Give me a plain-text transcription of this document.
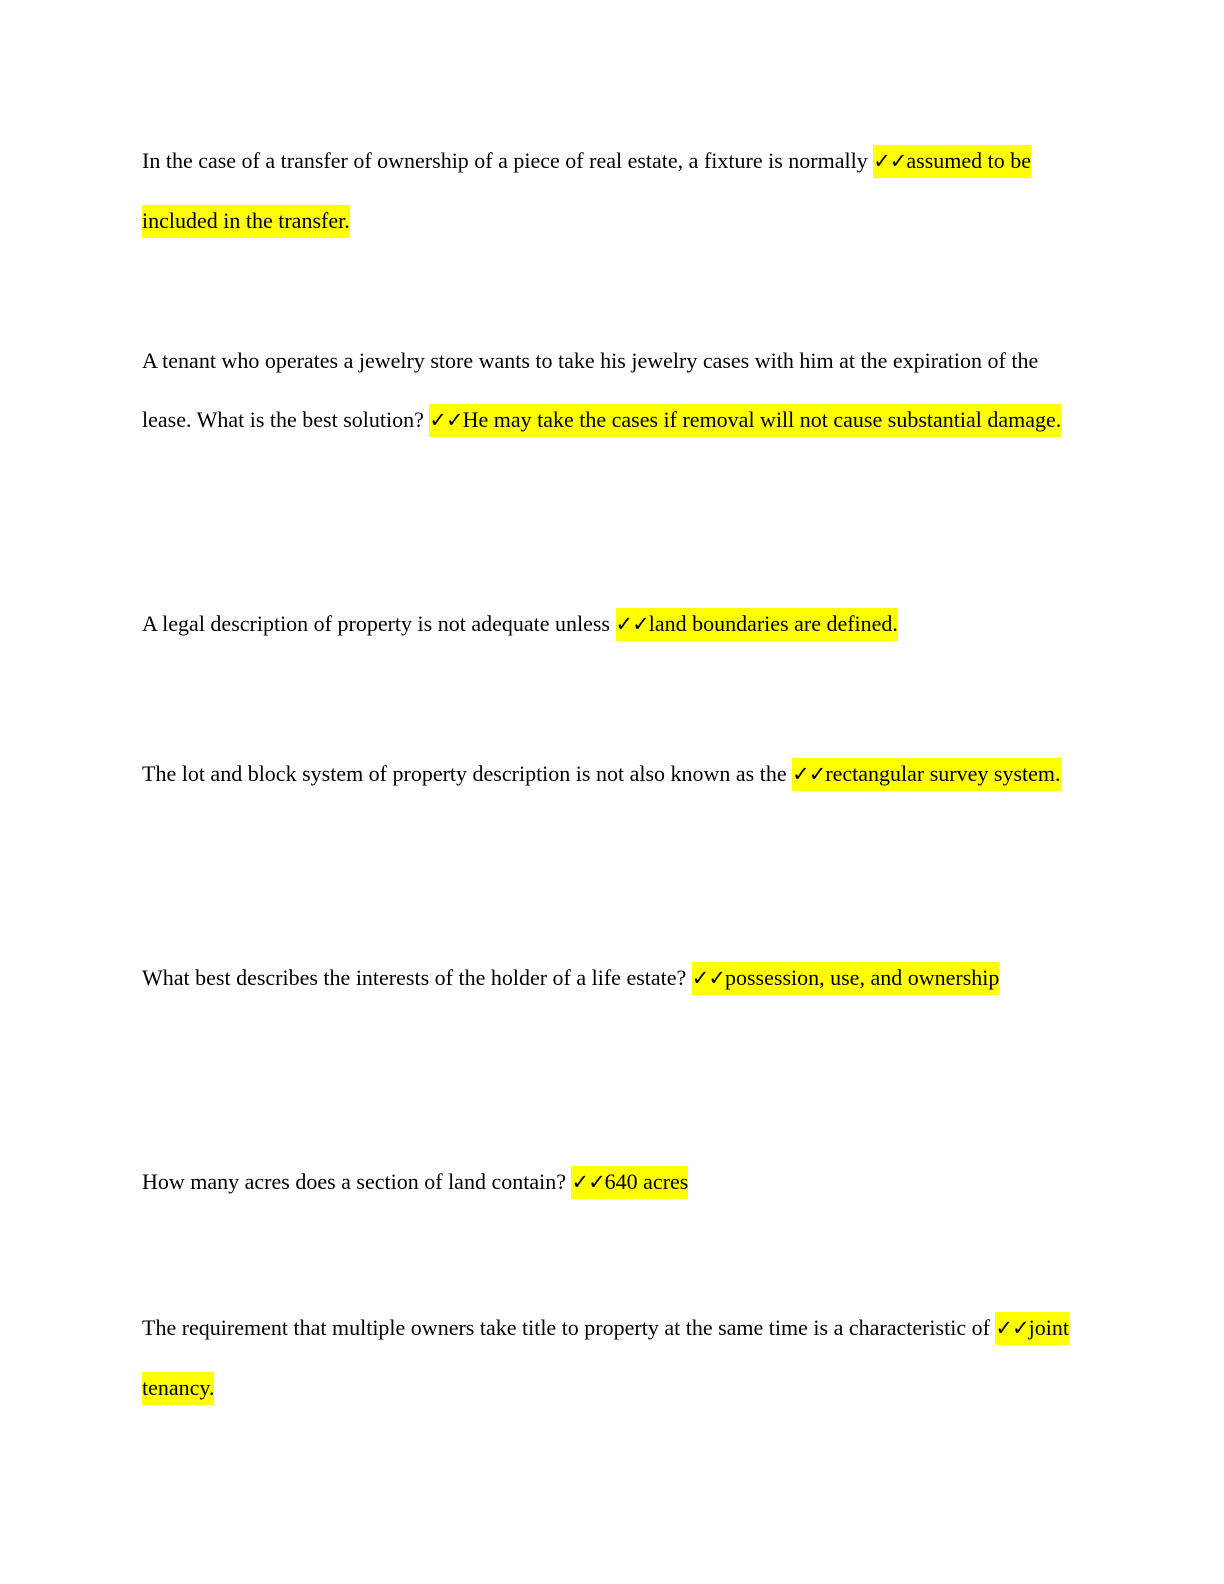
In the case of a transfer of ownership of a piece of real estate, a fixture is normally ✓✓assumed to be included in the transfer.

A tenant who operates a jewelry store wants to take his jewelry cases with him at the expiration of the lease. What is the best solution? ✓✓He may take the cases if removal will not cause substantial damage.

A legal description of property is not adequate unless ✓✓land boundaries are defined.

The lot and block system of property description is not also known as the ✓✓rectangular survey system.

What best describes the interests of the holder of a life estate? ✓✓possession, use, and ownership

How many acres does a section of land contain? ✓✓640 acres

The requirement that multiple owners take title to property at the same time is a characteristic of ✓✓joint tenancy.
